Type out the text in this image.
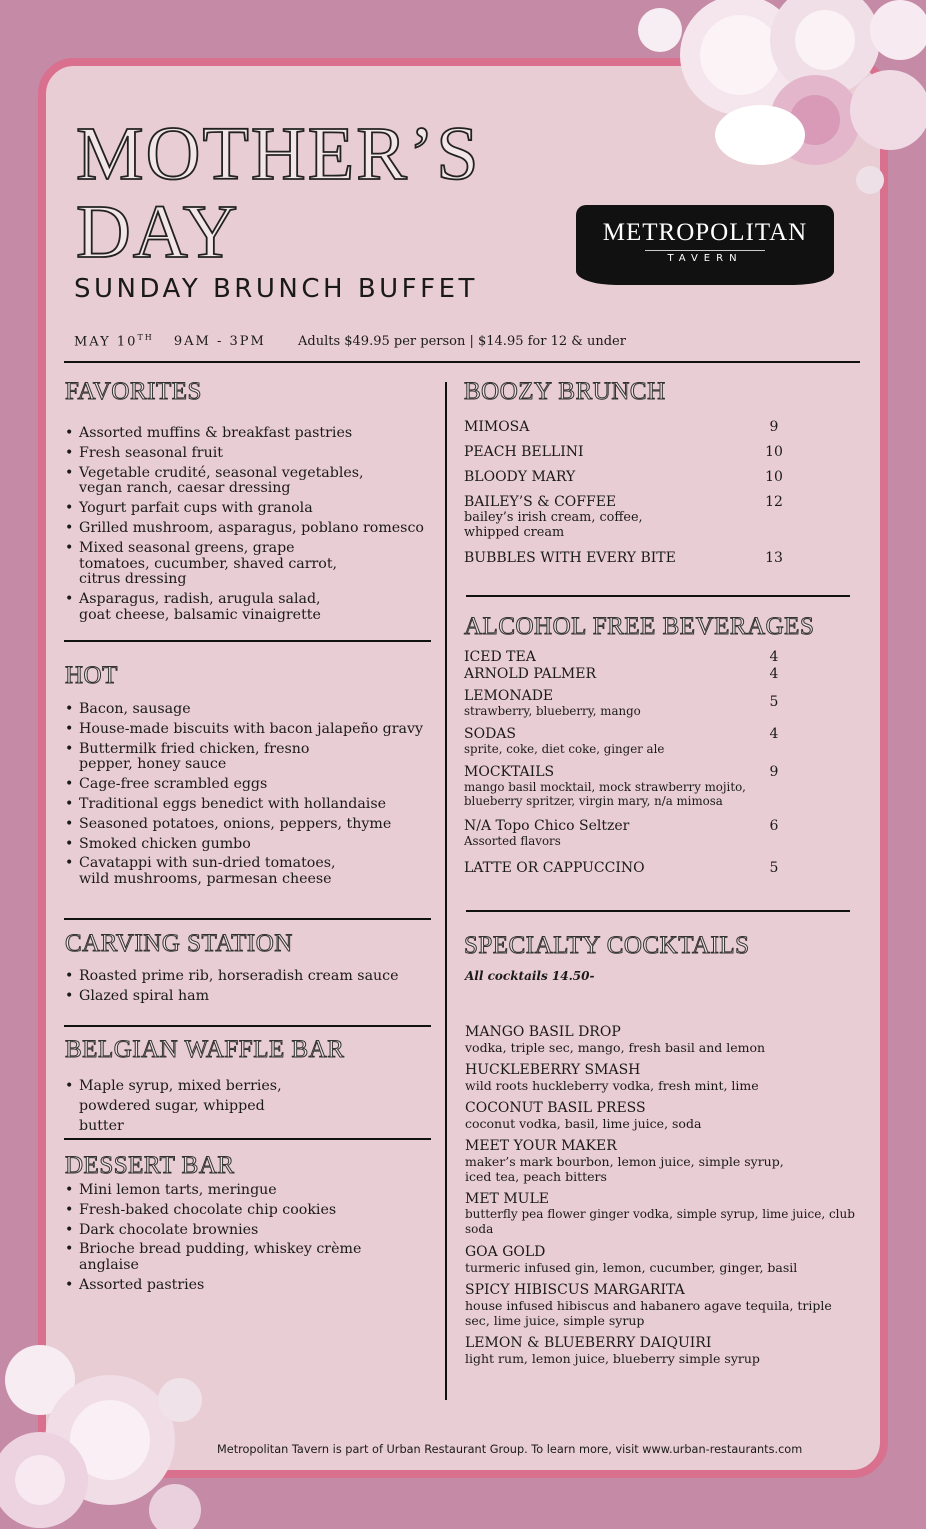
MOTHER’S
DAY
SUNDAY BRUNCH BUFFET
METROPOLITAN
TAVERN
MAY 10TH 9AM - 3PM Adults $49.95 per person | $14.95 for 12 & under
FAVORITES
• Assorted muffins & breakfast pastries
• Fresh seasonal fruit
• Vegetable crudité, seasonal vegetables, vegan ranch, caesar dressing
• Yogurt parfait cups with granola
• Grilled mushroom, asparagus, poblano romesco
• Mixed seasonal greens, grape tomatoes, cucumber, shaved carrot, citrus dressing
• Asparagus, radish, arugula salad, goat cheese, balsamic vinaigrette
HOT
• Bacon, sausage
• House-made biscuits with bacon jalapeño gravy
• Buttermilk fried chicken, fresno pepper, honey sauce
• Cage-free scrambled eggs
• Traditional eggs benedict with hollandaise
• Seasoned potatoes, onions, peppers, thyme
• Smoked chicken gumbo
• Cavatappi with sun-dried tomatoes, wild mushrooms, parmesan cheese
CARVING STATION
• Roasted prime rib, horseradish cream sauce
• Glazed spiral ham
BELGIAN WAFFLE BAR
• Maple syrup, mixed berries, powdered sugar, whipped butter
DESSERT BAR
• Mini lemon tarts, meringue
• Fresh-baked chocolate chip cookies
• Dark chocolate brownies
• Brioche bread pudding, whiskey crème anglaise
• Assorted pastries
BOOZY BRUNCH
MIMOSA	9
PEACH BELLINI	10
BLOODY MARY	10
BAILEY’S & COFFEE	12
bailey’s irish cream, coffee, whipped cream
BUBBLES WITH EVERY BITE	13
ALCOHOL FREE BEVERAGES
ICED TEA	4
ARNOLD PALMER	4
LEMONADE	5
strawberry, blueberry, mango
SODAS	4
sprite, coke, diet coke, ginger ale
MOCKTAILS	9
mango basil mocktail, mock strawberry mojito, blueberry spritzer, virgin mary, n/a mimosa
N/A Topo Chico Seltzer	6
Assorted flavors
LATTE OR CAPPUCCINO	5
SPECIALTY COCKTAILS
All cocktails 14.50-
MANGO BASIL DROP
vodka, triple sec, mango, fresh basil and lemon
HUCKLEBERRY SMASH
wild roots huckleberry vodka, fresh mint, lime
COCONUT BASIL PRESS
coconut vodka, basil, lime juice, soda
MEET YOUR MAKER
maker’s mark bourbon, lemon juice, simple syrup, iced tea, peach bitters
MET MULE
butterfly pea flower ginger vodka, simple syrup, lime juice, club soda
GOA GOLD
turmeric infused gin, lemon, cucumber, ginger, basil
SPICY HIBISCUS MARGARITA
house infused hibiscus and habanero agave tequila, triple sec, lime juice, simple syrup
LEMON & BLUEBERRY DAIQUIRI
light rum, lemon juice, blueberry simple syrup
Metropolitan Tavern is part of Urban Restaurant Group. To learn more, visit www.urban-restaurants.com
